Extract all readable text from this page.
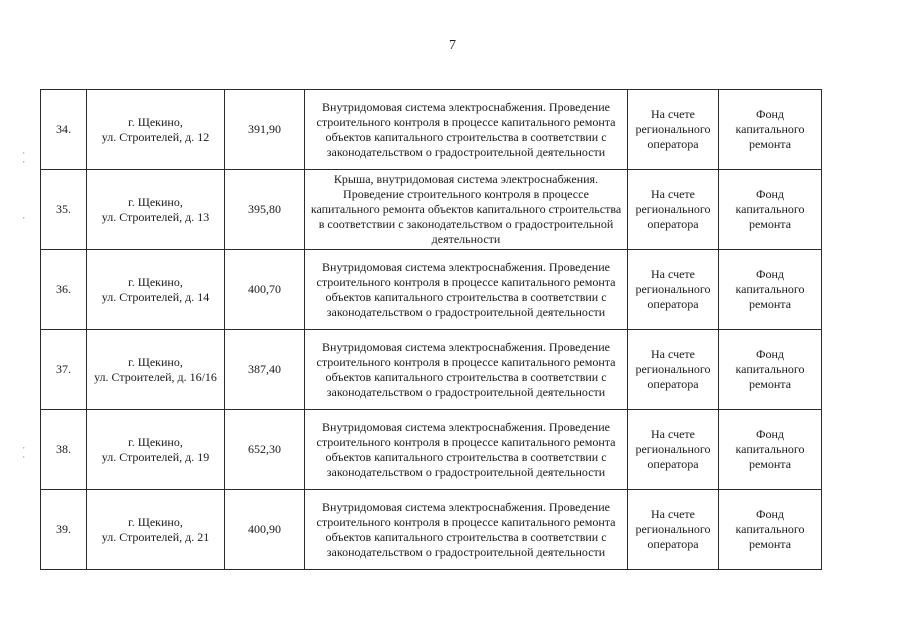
7
·
·
·
·
·
34.	г. Щекино,
ул. Строителей, д. 12	391,90	Внутридомовая система электроснабжения. Проведение строительного контроля в процессе капитального ремонта объектов капитального строительства в соответствии с законодательством о градостроительной деятельности	На счете регионального оператора	Фонд капитального ремонта
35.	г. Щекино,
ул. Строителей, д. 13	395,80	Крыша, внутридомовая система электроснабжения. Проведение строительного контроля в процессе капитального ремонта объектов капитального строительства в соответствии с законодательством о градостроительной деятельности	На счете регионального оператора	Фонд капитального ремонта
36.	г. Щекино,
ул. Строителей, д. 14	400,70	Внутридомовая система электроснабжения. Проведение строительного контроля в процессе капитального ремонта объектов капитального строительства в соответствии с законодательством о градостроительной деятельности	На счете регионального оператора	Фонд капитального ремонта
37.	г. Щекино,
ул. Строителей, д. 16/16	387,40	Внутридомовая система электроснабжения. Проведение строительного контроля в процессе капитального ремонта объектов капитального строительства в соответствии с законодательством о градостроительной деятельности	На счете регионального оператора	Фонд капитального ремонта
38.	г. Щекино,
ул. Строителей, д. 19	652,30	Внутридомовая система электроснабжения. Проведение строительного контроля в процессе капитального ремонта объектов капитального строительства в соответствии с законодательством о градостроительной деятельности	На счете регионального оператора	Фонд капитального ремонта
39.	г. Щекино,
ул. Строителей, д. 21	400,90	Внутридомовая система электроснабжения. Проведение строительного контроля в процессе капитального ремонта объектов капитального строительства в соответствии с законодательством о градостроительной деятельности	На счете регионального оператора	Фонд капитального ремонта
